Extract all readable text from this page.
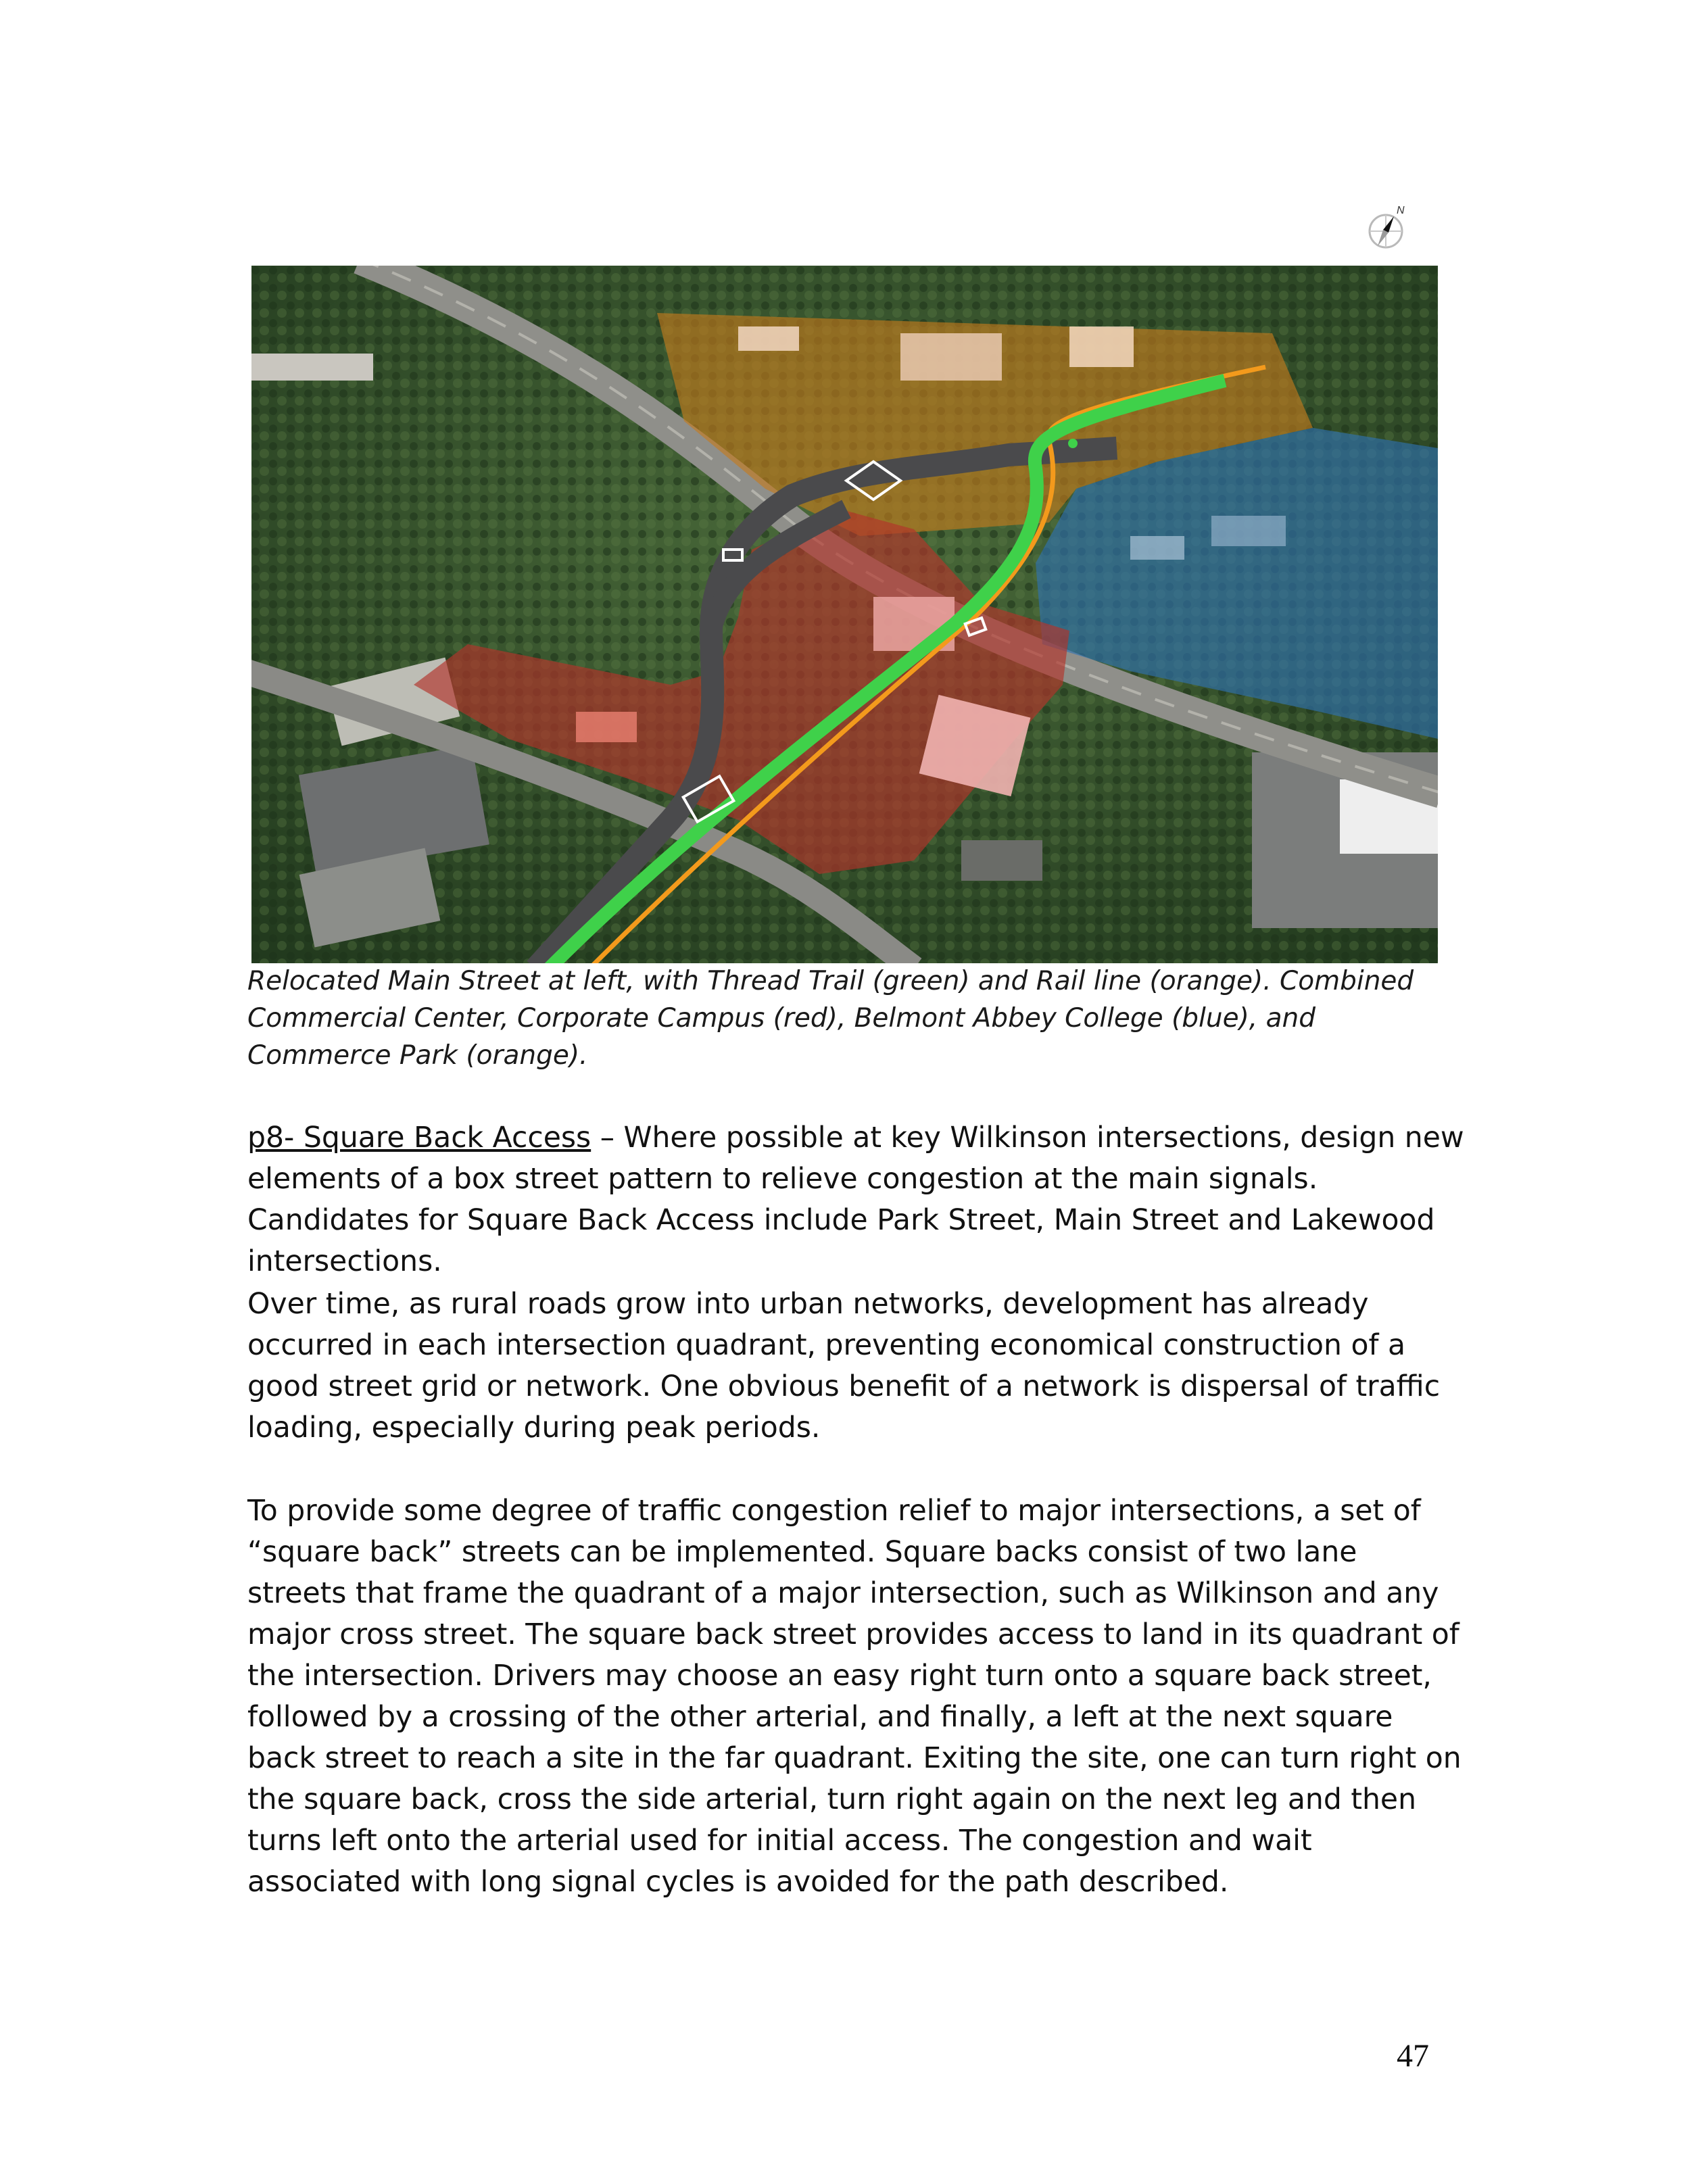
N

Relocated Main Street at left, with Thread Trail (green) and Rail line (orange). Combined Commercial Center, Corporate Campus (red), Belmont Abbey College (blue), and Commerce Park (orange).

p8- Square Back Access – Where possible at key Wilkinson intersections, design new elements of a box street pattern to relieve congestion at the main signals. Candidates for Square Back Access include Park Street, Main Street and Lakewood intersections.

Over time, as rural roads grow into urban networks, development has already occurred in each intersection quadrant, preventing economical construction of a good street grid or network. One obvious benefit of a network is dispersal of traffic loading, especially during peak periods.

To provide some degree of traffic congestion relief to major intersections, a set of “square back” streets can be implemented. Square backs consist of two lane streets that frame the quadrant of a major intersection, such as Wilkinson and any major cross street. The square back street provides access to land in its quadrant of the intersection. Drivers may choose an easy right turn onto a square back street, followed by a crossing of the other arterial, and finally, a left at the next square back street to reach a site in the far quadrant. Exiting the site, one can turn right on the square back, cross the side arterial, turn right again on the next leg and then turns left onto the arterial used for initial access. The congestion and wait associated with long signal cycles is avoided for the path described.

47
